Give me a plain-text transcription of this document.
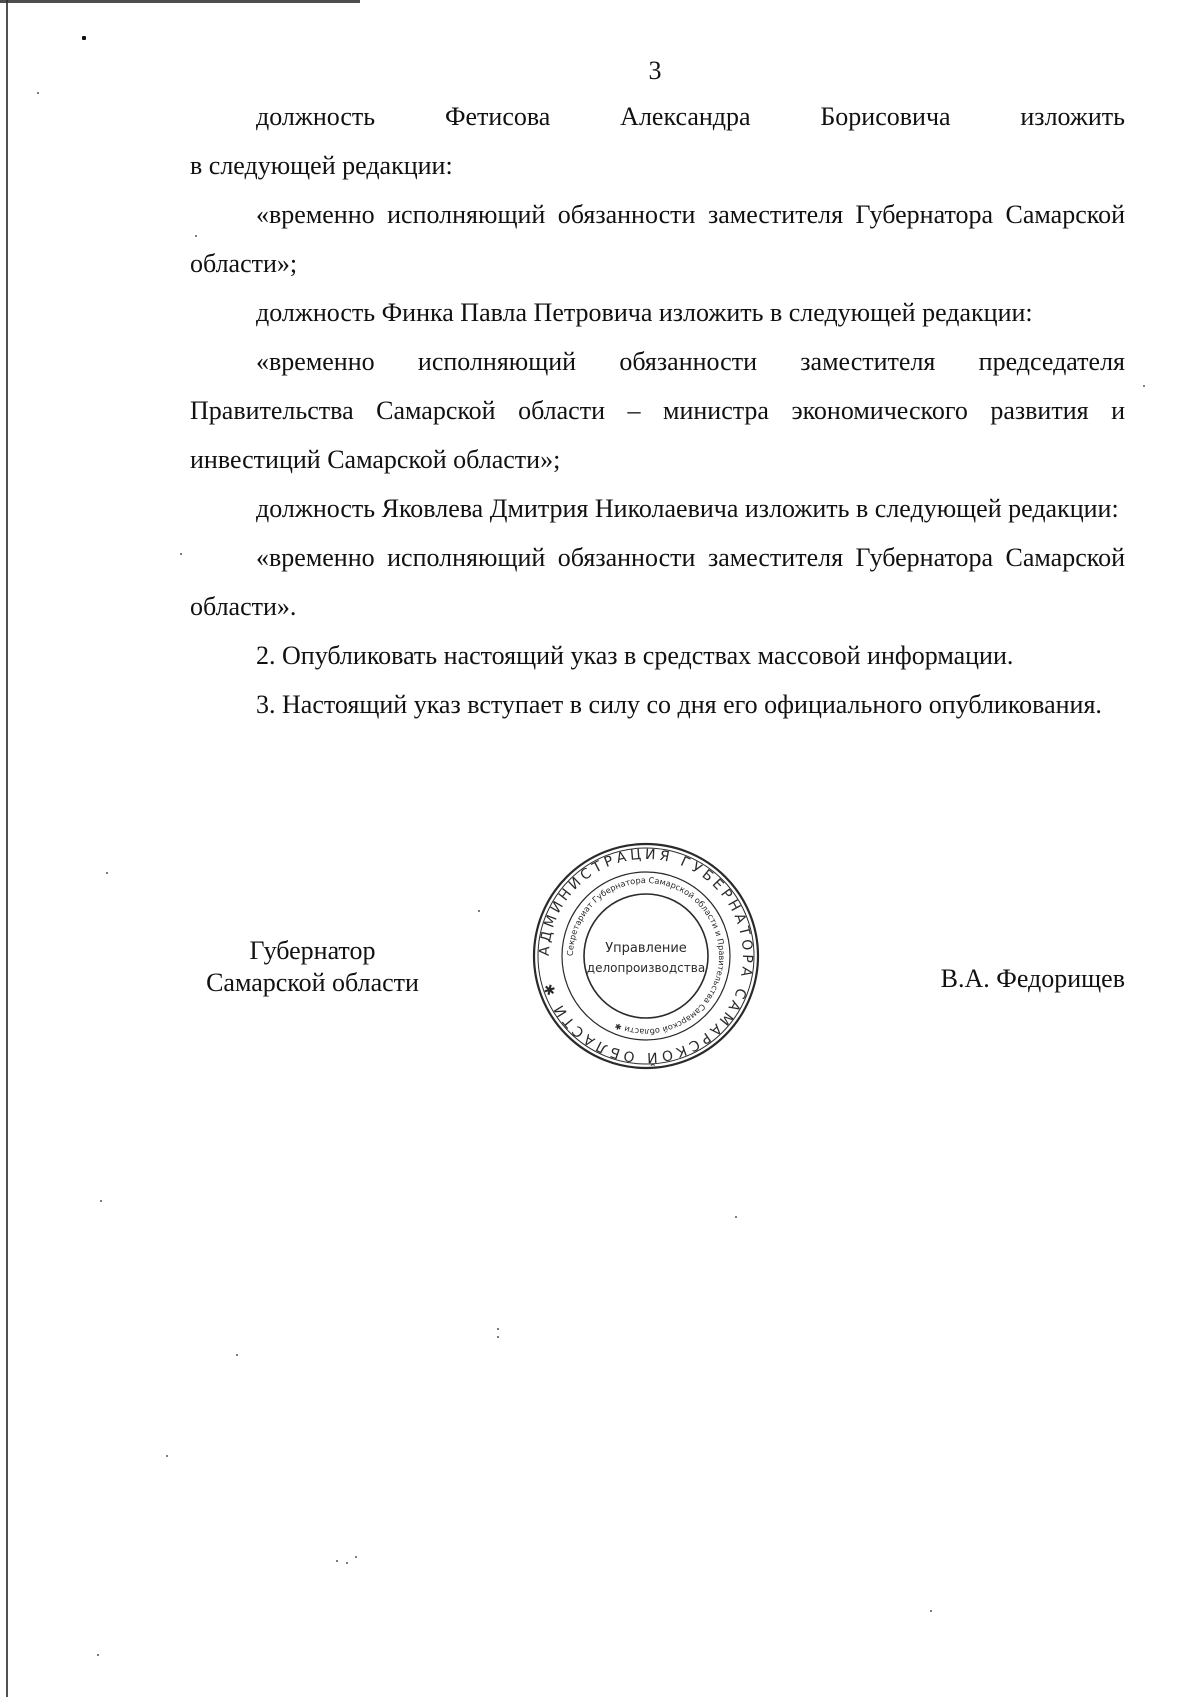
3

должность Фетисова Александра Борисовича изложить

в следующей редакции:

«временно исполняющий обязанности заместителя Губернатора Самарской области»;

должность Финка Павла Петровича изложить в следующей редакции:

«временно исполняющий обязанности заместителя председателя Правительства Самарской области – министра экономического развития и инвестиций Самарской области»;

должность Яковлева Дмитрия Николаевича изложить в следующей редакции:

«временно исполняющий обязанности заместителя Губернатора Самарской области».

2. Опубликовать настоящий указ в средствах массовой информации.

3. Настоящий указ вступает в силу со дня его официального опубликования.

Губернатор
Самарской области
АДМИНИСТРАЦИЯ ГУБЕРНАТОРА САМАРСКОЙ ОБЛАСТИ ✱
Секретариат Губернатора Самарской области и Правительства Самарской области ✱
Управление
делопроизводства	В.А. Федорищев
